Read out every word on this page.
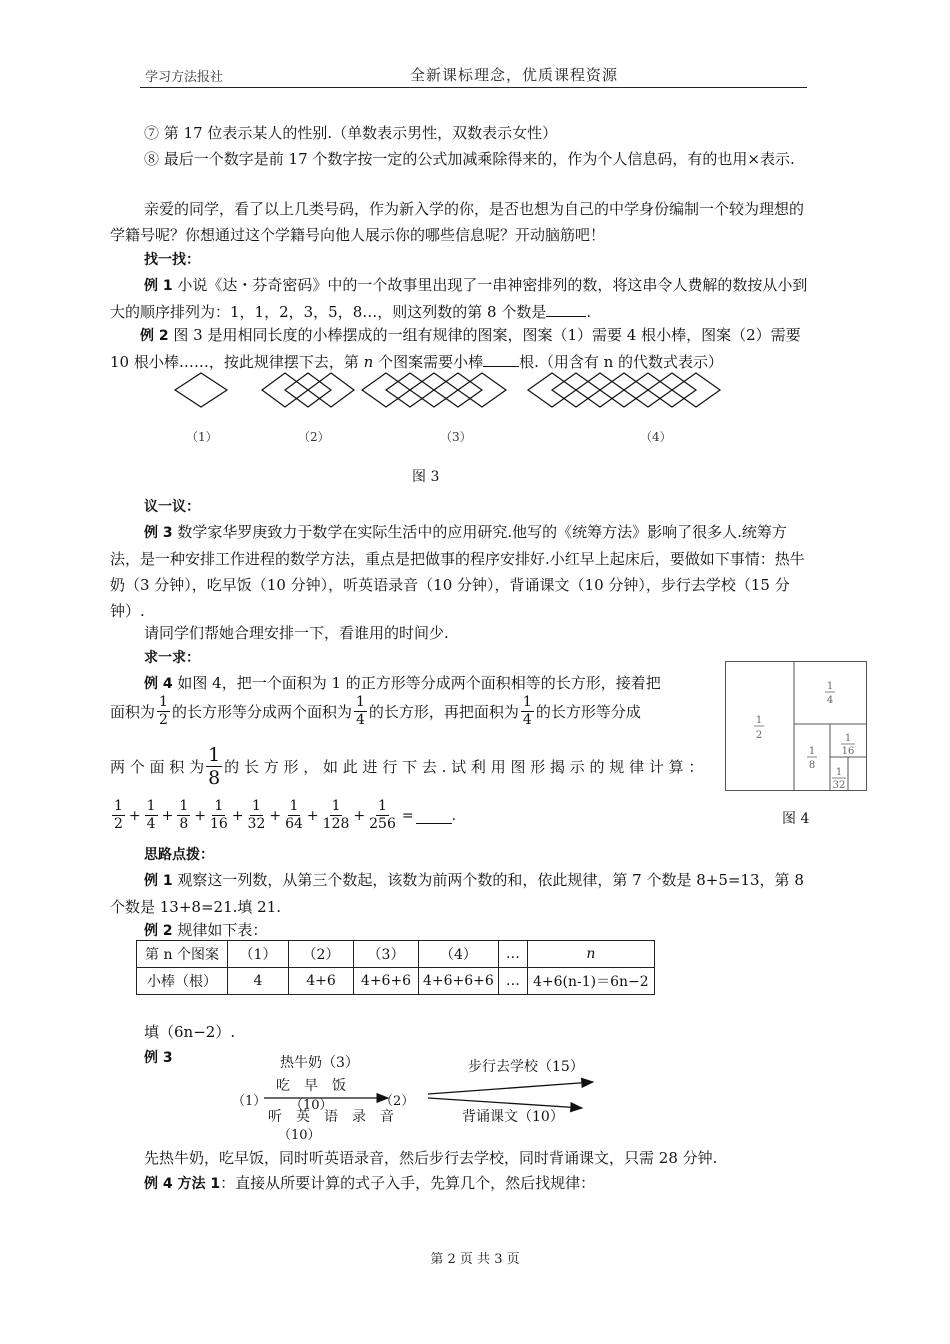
学习方法报社	全新课标理念，优质课程资源
⑦ 第 17 位表示某人的性别.（单数表示男性，双数表示女性）
⑧ 最后一个数字是前 17 个数字按一定的公式加减乘除得来的，作为个人信息码，有的也用×表示.
亲爱的同学，看了以上几类号码，作为新入学的你，是否也想为自己的中学身份编制一个较为理想的学籍号呢？你想通过这个学籍号向他人展示你的哪些信息呢？开动脑筋吧！
找一找：
例 1 小说《达・芬奇密码》中的一个故事里出现了一串神密排列的数，将这串令人费解的数按从小到大的顺序排列为：1，1，2，3，5，8…，则这列数的第 8 个数是	.
例 2 图 3 是用相同长度的小棒摆成的一组有规律的图案，图案（1）需要 4 根小棒，图案（2）需要 10 根小棒……，按此规律摆下去，第 n 个图案需要小棒 根.（用含有 n 的代数式表示）
（1）	（2）	（3）	（4）
图 3
议一议：
例 3 数学家华罗庚致力于数学在实际生活中的应用研究.他写的《统筹方法》影响了很多人.统筹方法，是一种安排工作进程的数学方法，重点是把做事的程序安排好.小红早上起床后，要做如下事情：热牛奶（3 分钟），吃早饭（10 分钟），听英语录音（10 分钟），背诵课文（10 分钟），步行去学校（15 分钟）.
请同学们帮她合理安排一下，看谁用的时间少.
求一求：
例 4 如图 4，把一个面积为 1 的正方形等分成两个面积相等的长方形，接着把
面积为 $\frac{1}{2}$ 的长方形等分成两个面积为 $\frac{1}{4}$ 的长方形，再把面积为 $\frac{1}{4}$ 的长方形等分成
两 个 面 积 为 $\frac{1}{8}$ 的 长 方 形 ， 如 此 进 行 下 去 . 试 利 用 图 形 揭 示 的 规 律 计 算 ：
$\frac{1}{2} + \frac{1}{4} + \frac{1}{8} + \frac{1}{16} + \frac{1}{32} + \frac{1}{64} + \frac{1}{128} + \frac{1}{256}$ =	.
1
2
1
4
1
8
1
16
1
32
图 4
思路点拨：
例 1 观察这一列数，从第三个数起，该数为前两个数的和，依此规律，第 7 个数是 8+5=13，第 8 个数是 13+8=21.填 21.
例 2 规律如下表：
第 n 个图案	（1）	（2）	（3）	（4）	…	n
小棒（根）	4	4+6	4+6+6	4+6+6+6	…	4+6(n-1)＝6n−2
填（6n−2）.
例 3
（1）	（2）
热牛奶（3）
吃　早　饭
（10）
听　英　语　录　音
（10）
步行去学校（15）
背诵课文（10）
先热牛奶，吃早饭，同时听英语录音，然后步行去学校，同时背诵课文，只需 28 分钟.
例 4 方法 1：直接从所要计算的式子入手，先算几个，然后找规律：
第 2 页 共 3 页
